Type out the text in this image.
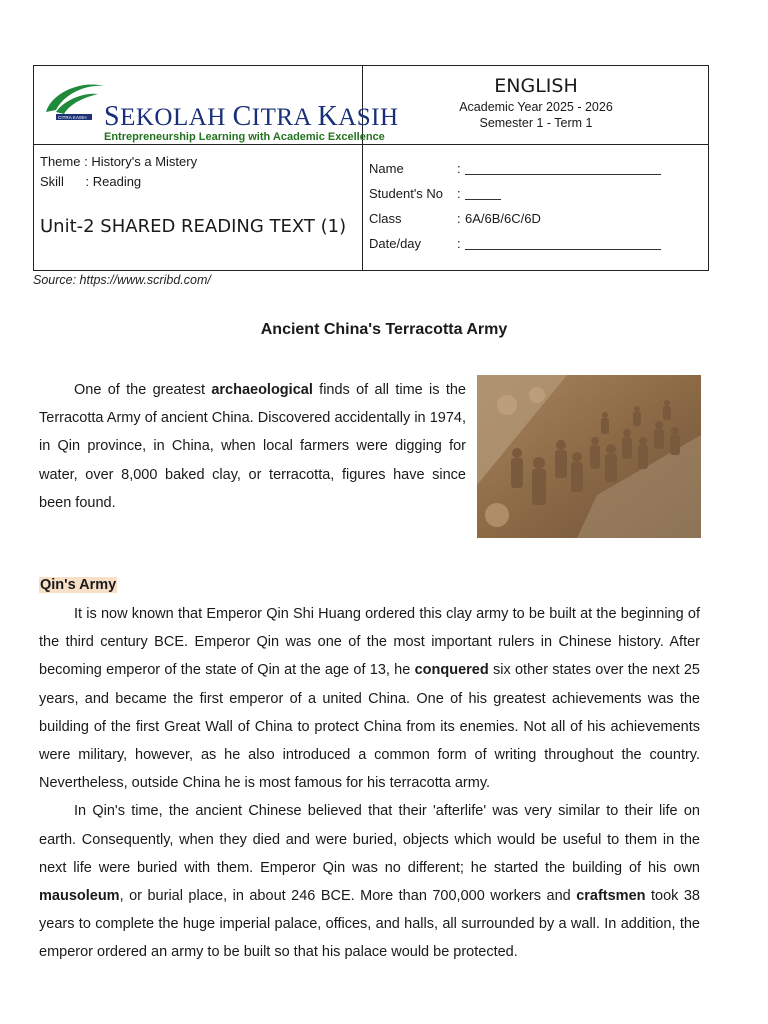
CITRA KASIH SEKOLAH CITRA KASIH
Entrepreneurship Learning with Academic Excellence
ENGLISH
Academic Year 2025 - 2026
Semester 1 - Term 1
Theme : History's a Mistery
Skill : Reading
Unit-2 SHARED READING TEXT (1)
Name	:
Student's No :
Class	: 6A/6B/6C/6D
Date/day	:
Source: https://www.scribd.com/
Ancient China's Terracotta Army
One of the greatest archaeological finds of all time is the Terracotta Army of ancient China. Discovered accidentally in 1974, in Qin province, in China, when local farmers were digging for water, over 8,000 baked clay, or terracotta, figures have since been found.
Qin's Army

It is now known that Emperor Qin Shi Huang ordered this clay army to be built at the beginning of the third century BCE. Emperor Qin was one of the most important rulers in Chinese history. After becoming emperor of the state of Qin at the age of 13, he conquered six other states over the next 25 years, and became the first emperor of a united China. One of his greatest achievements was the building of the first Great Wall of China to protect China from its enemies. Not all of his achievements were military, however, as he also introduced a common form of writing throughout the country. Nevertheless, outside China he is most famous for his terracotta army.

In Qin's time, the ancient Chinese believed that their 'afterlife' was very similar to their life on earth. Consequently, when they died and were buried, objects which would be useful to them in the next life were buried with them. Emperor Qin was no different; he started the building of his own mausoleum, or burial place, in about 246 BCE. More than 700,000 workers and craftsmen took 38 years to complete the huge imperial palace, offices, and halls, all surrounded by a wall. In addition, the emperor ordered an army to be built so that his palace would be protected.
